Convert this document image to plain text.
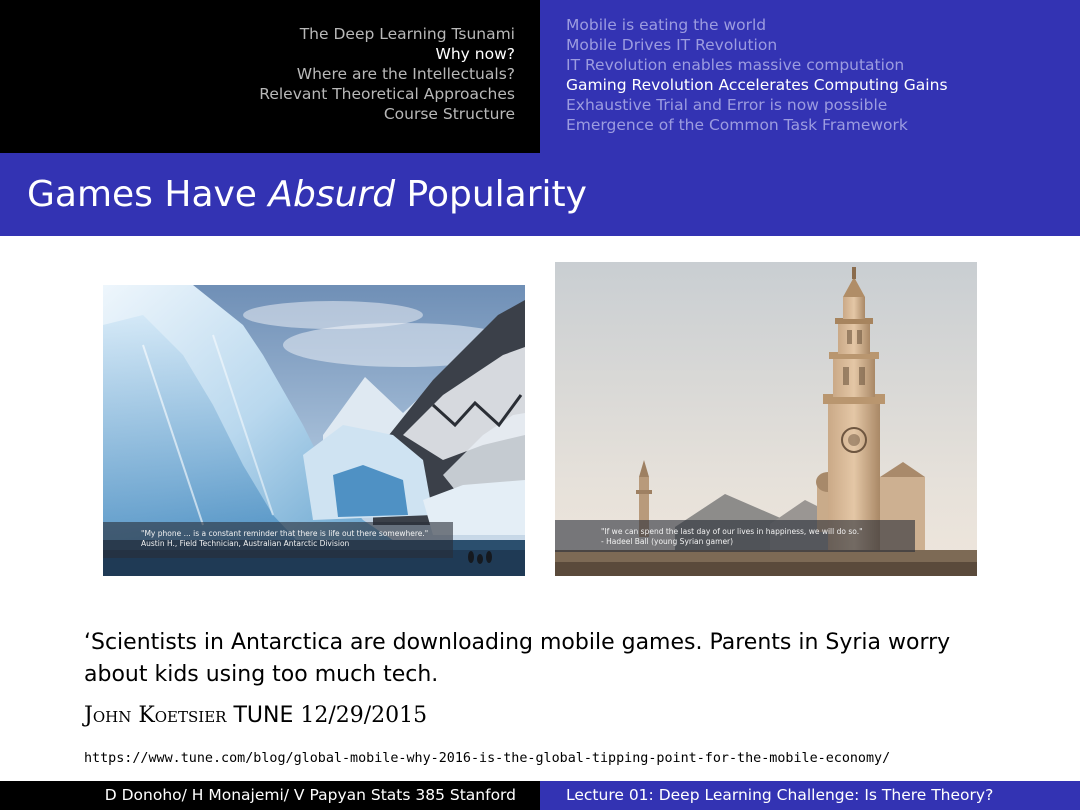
The Deep Learning Tsunami
Why now?
Where are the Intellectuals?
Relevant Theoretical Approaches
Course Structure
Mobile is eating the world
Mobile Drives IT Revolution
IT Revolution enables massive computation
Gaming Revolution Accelerates Computing Gains
Exhaustive Trial and Error is now possible
Emergence of the Common Task Framework
Games Have Absurd Popularity
"My phone ... is a constant reminder that there is life out there somewhere."
Austin H., Field Technician, Australian Antarctic Division
"If we can spend the last day of our lives in happiness, we will do so."
- Hadeel Ball (young Syrian gamer)
‘Scientists in Antarctica are downloading mobile games. Parents in Syria worry
about kids using too much tech.
John Koetsier TUNE 12/29/2015
https://www.tune.com/blog/global-mobile-why-2016-is-the-global-tipping-point-for-the-mobile-economy/
D Donoho/ H Monajemi/ V Papyan Stats 385 Stanford	Lecture 01: Deep Learning Challenge: Is There Theory?
